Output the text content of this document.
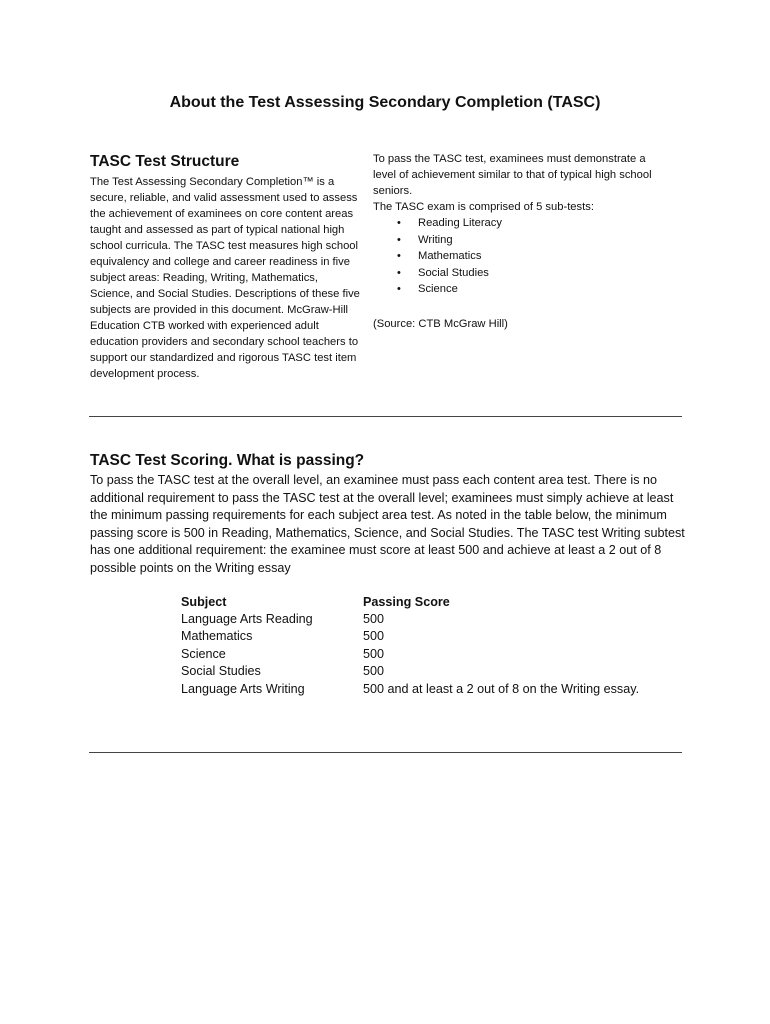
About the Test Assessing Secondary Completion (TASC)
TASC Test Structure

The Test Assessing Secondary Completion™ is a secure, reliable, and valid assessment used to assess the achievement of examinees on core content areas taught and assessed as part of typical national high school curricula. The TASC test measures high school equivalency and college and career readiness in five subject areas: Reading, Writing, Mathematics, Science, and Social Studies. Descriptions of these five subjects are provided in this document. McGraw-Hill Education CTB worked with experienced adult education providers and secondary school teachers to support our standardized and rigorous TASC test item development process.

To pass the TASC test, examinees must demonstrate a level of achievement similar to that of typical high school seniors.

The TASC exam is comprised of 5 sub-tests:

• Reading Literacy
• Writing
• Mathematics
• Social Studies
• Science

(Source: CTB McGraw Hill)

TASC Test Scoring. What is passing?

To pass the TASC test at the overall level, an examinee must pass each content area test. There is no additional requirement to pass the TASC test at the overall level; examinees must simply achieve at least the minimum passing requirements for each subject area test. As noted in the table below, the minimum passing score is 500 in Reading, Mathematics, Science, and Social Studies. The TASC test Writing subtest has one additional requirement: the examinee must score at least 500 and achieve at least a 2 out of 8 possible points on the Writing essay

Subject	Passing Score
Language Arts Reading	500
Mathematics	500
Science	500
Social Studies	500
Language Arts Writing	500 and at least a 2 out of 8 on the Writing essay.
